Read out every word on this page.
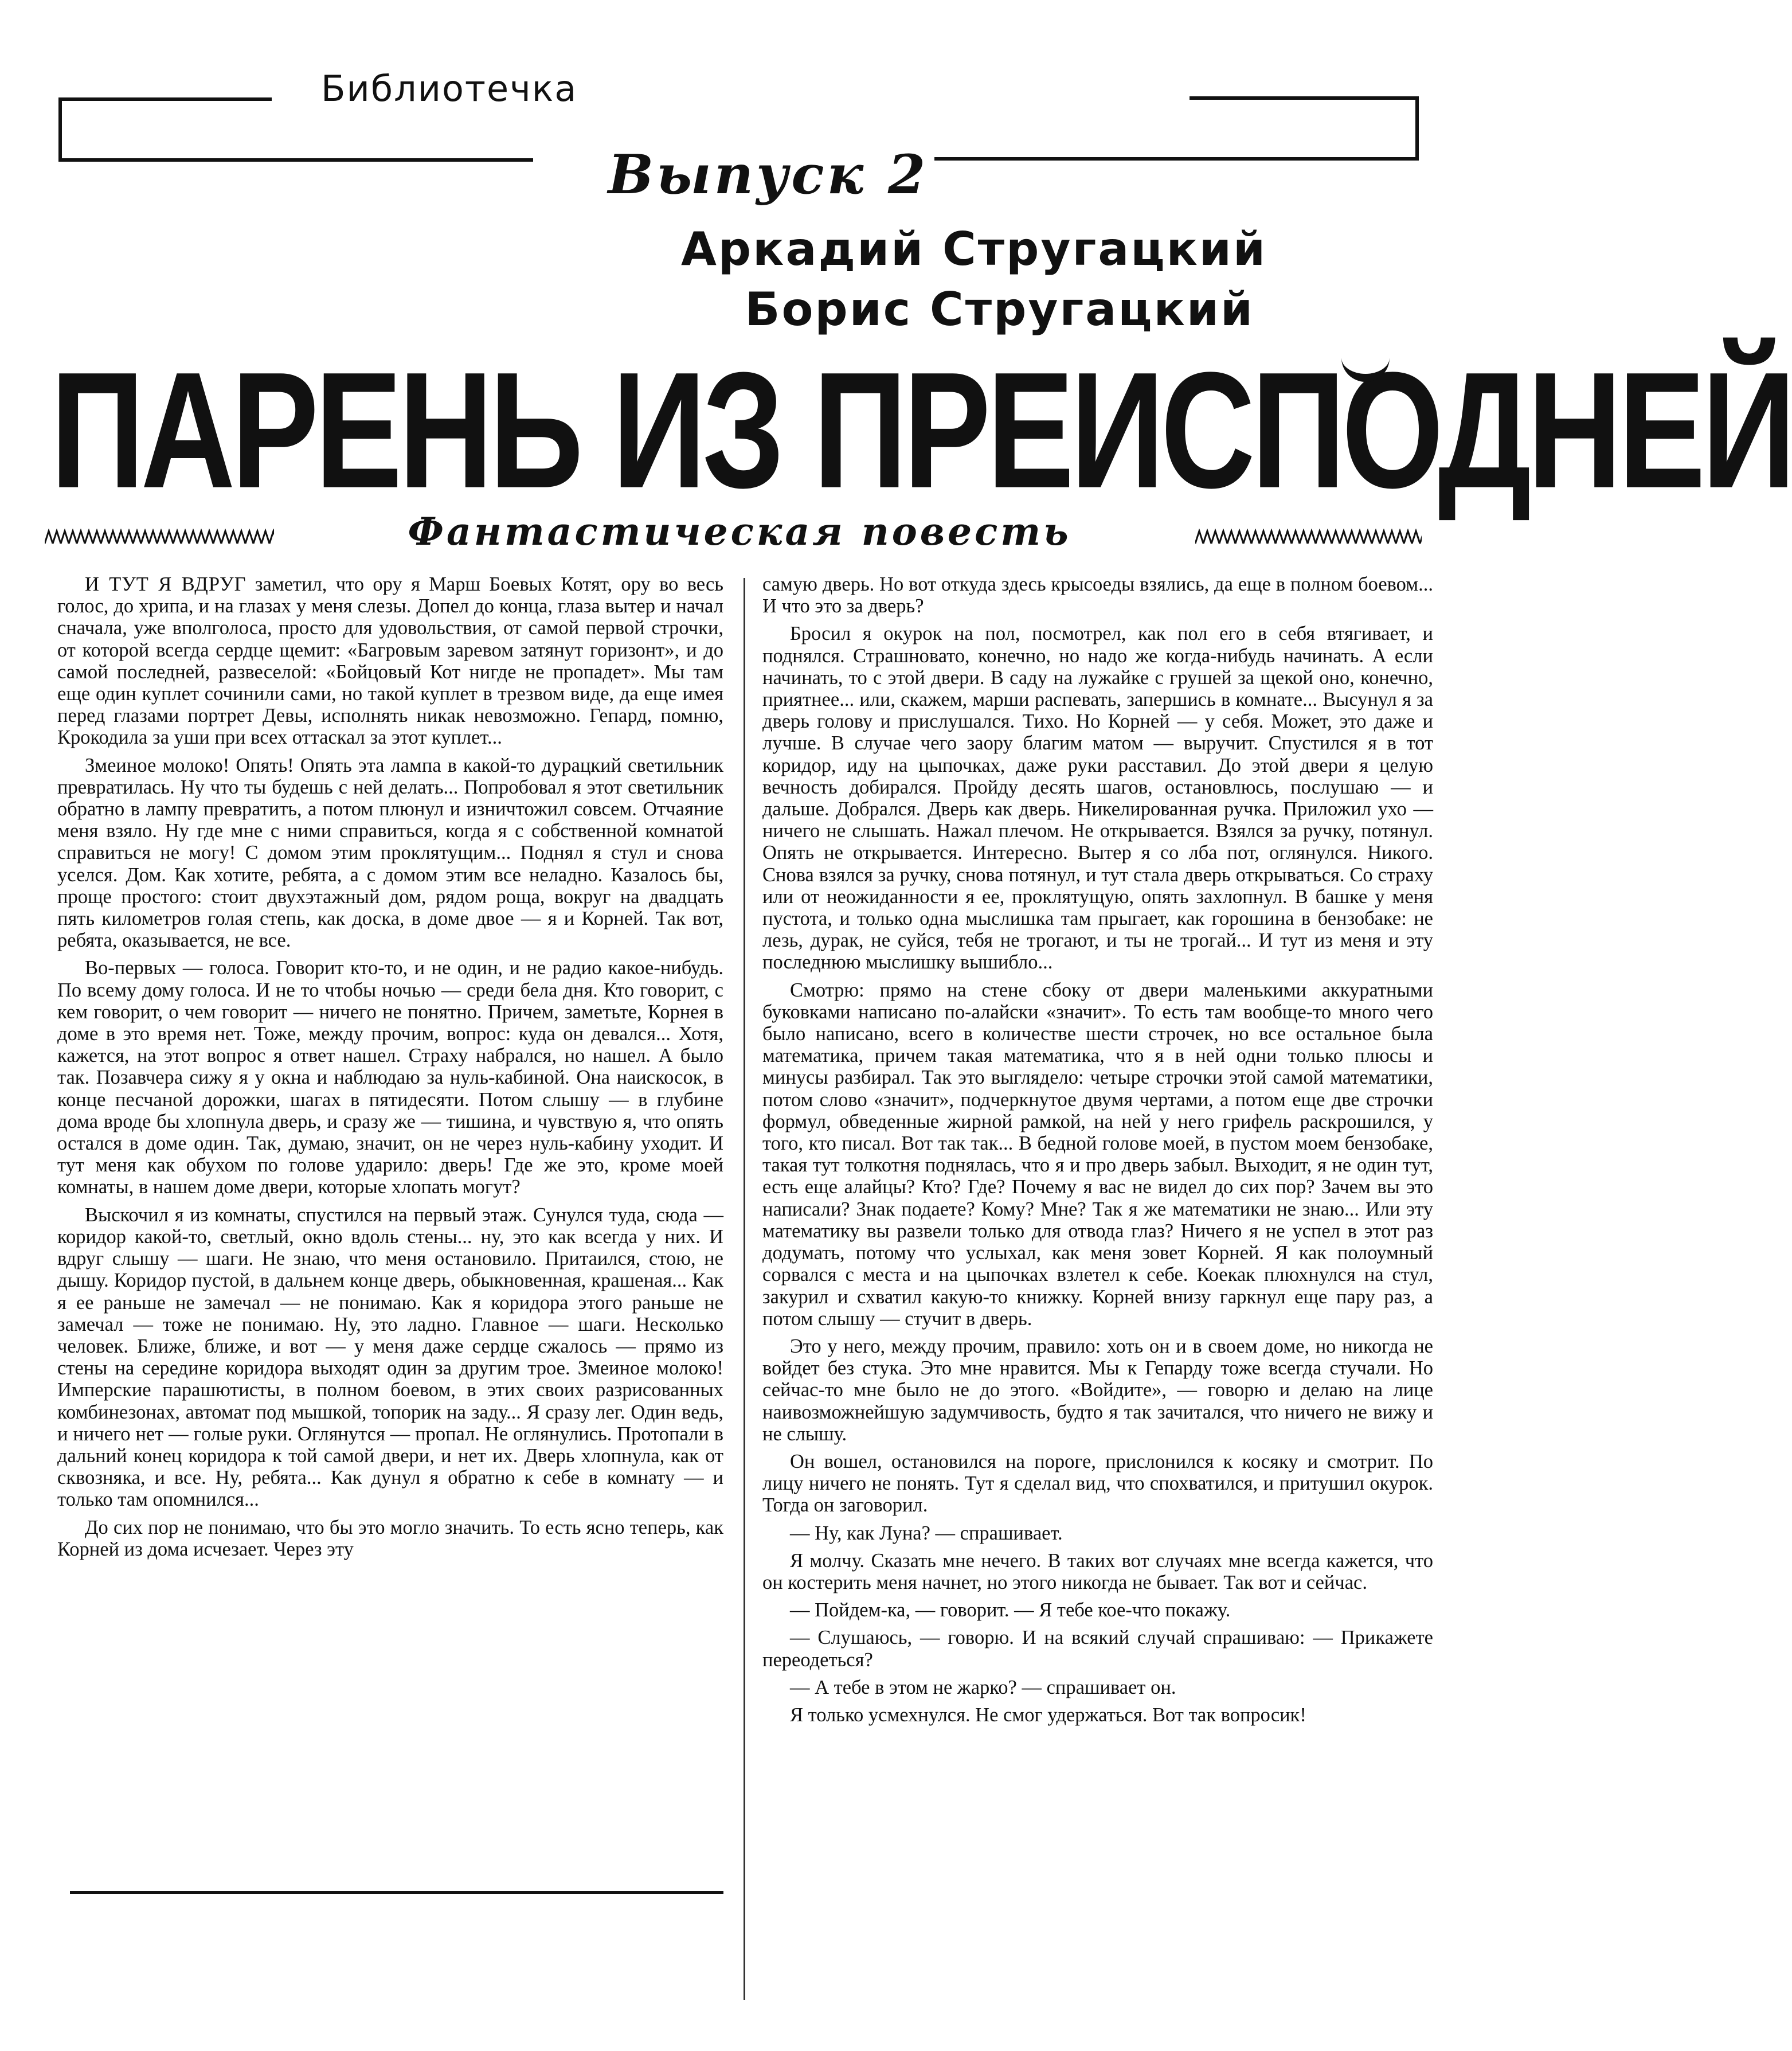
Библиотечка
Выпуск 2
Аркадий Стругацкий
Борис Стругацкий
ПАРЕНЬ ИЗ ПРЕИСПОДНЕЙ
Фантастическая повесть

И ТУТ Я ВДРУГ заметил, что ору я Марш Боевых Котят, ору во весь голос, до хрипа, и на глазах у меня слезы. Допел до конца, глаза вытер и начал сначала, уже вполголоса, просто для удовольствия, от самой первой строчки, от которой всегда сердце щемит: «Багровым заревом затянут горизонт», и до самой последней, развеселой: «Бойцовый Кот нигде не пропадет». Мы там еще один куплет сочинили сами, но такой куплет в трезвом виде, да еще имея перед глазами портрет Девы, исполнять никак невозможно. Гепард, помню, Крокодила за уши при всех оттаскал за этот куплет...

Змеиное молоко! Опять! Опять эта лампа в какой-то дурацкий светильник превратилась. Ну что ты будешь с ней делать... Попробовал я этот светильник обратно в лампу превратить, а потом плюнул и изничтожил совсем. Отчаяние меня взяло. Ну где мне с ними справиться, когда я с собственной комнатой справиться не могу! С домом этим проклятущим... Поднял я стул и снова уселся. Дом. Как хотите, ребята, а с домом этим все неладно. Казалось бы, проще простого: стоит двухэтажный дом, рядом роща, вокруг на двадцать пять километров голая степь, как доска, в доме двое — я и Корней. Так вот, ребята, оказывается, не все.

Во-первых — голоса. Говорит кто-то, и не один, и не радио какое-нибудь. По всему дому голоса. И не то чтобы ночью — среди бела дня. Кто говорит, с кем говорит, о чем говорит — ничего не понятно. Причем, заметьте, Корнея в доме в это время нет. Тоже, между прочим, вопрос: куда он девался... Хотя, кажется, на этот вопрос я ответ нашел. Страху набрался, но нашел. А было так. Позавчера сижу я у окна и наблюдаю за нуль-кабиной. Она наискосок, в конце песчаной дорожки, шагах в пятидесяти. Потом слышу — в глубине дома вроде бы хлопнула дверь, и сразу же — тишина, и чувствую я, что опять остался в доме один. Так, думаю, значит, он не через нуль-кабину уходит. И тут меня как обухом по голове ударило: дверь! Где же это, кроме моей комнаты, в нашем доме двери, которые хлопать могут?

Выскочил я из комнаты, спустился на первый этаж. Сунулся туда, сюда — коридор какой-то, светлый, окно вдоль стены... ну, это как всегда у них. И вдруг слышу — шаги. Не знаю, что меня остановило. Притаился, стою, не дышу. Коридор пустой, в дальнем конце дверь, обыкновенная, крашеная... Как я ее раньше не замечал — не понимаю. Как я коридора этого раньше не замечал — тоже не понимаю. Ну, это ладно. Главное — шаги. Несколько человек. Ближе, ближе, и вот — у меня даже сердце сжалось — прямо из стены на середине коридора выходят один за другим трое. Змеиное молоко! Имперские парашютисты, в полном боевом, в этих своих разрисованных комбинезонах, автомат под мышкой, топорик на заду... Я сразу лег. Один ведь, и ничего нет — голые руки. Оглянутся — пропал. Не оглянулись. Протопали в дальний конец коридора к той самой двери, и нет их. Дверь хлопнула, как от сквозняка, и все. Ну, ребята... Как дунул я обратно к себе в комнату — и только там опомнился...

До сих пор не понимаю, что бы это могло значить. То есть ясно теперь, как Корней из дома исчезает. Через эту

самую дверь. Но вот откуда здесь крысоеды взялись, да еще в полном боевом... И что это за дверь?

Бросил я окурок на пол, посмотрел, как пол его в себя втягивает, и поднялся. Страшновато, конечно, но надо же когда-нибудь начинать. А если начинать, то с этой двери. В саду на лужайке с грушей за щекой оно, конечно, приятнее... или, скажем, марши распевать, запершись в комнате... Высунул я за дверь голову и прислушался. Тихо. Но Корней — у себя. Может, это даже и лучше. В случае чего заору благим матом — выручит. Спустился я в тот коридор, иду на цыпочках, даже руки расставил. До этой двери я целую вечность добирался. Пройду десять шагов, остановлюсь, послушаю — и дальше. Добрался. Дверь как дверь. Никелированная ручка. Приложил ухо — ничего не слышать. Нажал плечом. Не открывается. Взялся за ручку, потянул. Опять не открывается. Интересно. Вытер я со лба пот, оглянулся. Никого. Снова взялся за ручку, снова потянул, и тут стала дверь открываться. Со страху или от неожиданности я ее, проклятущую, опять захлопнул. В башке у меня пустота, и только одна мыслишка там прыгает, как горошина в бензобаке: не лезь, дурак, не суйся, тебя не трогают, и ты не трогай... И тут из меня и эту последнюю мыслишку вышибло...

Смотрю: прямо на стене сбоку от двери маленькими аккуратными буковками написано по-алайски «значит». То есть там вообще-то много чего было написано, всего в количестве шести строчек, но все остальное была математика, причем такая математика, что я в ней одни только плюсы и минусы разбирал. Так это выглядело: четыре строчки этой самой математики, потом слово «значит», подчеркнутое двумя чертами, а потом еще две строчки формул, обведенные жирной рамкой, на ней у него грифель раскрошился, у того, кто писал. Вот так так... В бедной голове моей, в пустом моем бензобаке, такая тут толкотня поднялась, что я и про дверь забыл. Выходит, я не один тут, есть еще алайцы? Кто? Где? Почему я вас не видел до сих пор? Зачем вы это написали? Знак подаете? Кому? Мне? Так я же математики не знаю... Или эту математику вы развели только для отвода глаз? Ничего я не успел в этот раз додумать, потому что услыхал, как меня зовет Корней. Я как полоумный сорвался с места и на цыпочках взлетел к себе. Коекак плюхнулся на стул, закурил и схватил какую-то книжку. Корней внизу гаркнул еще пару раз, а потом слышу — стучит в дверь.

Это у него, между прочим, правило: хоть он и в своем доме, но никогда не войдет без стука. Это мне нравится. Мы к Гепарду тоже всегда стучали. Но сейчас-то мне было не до этого. «Войдите», — говорю и делаю на лице наивозможнейшую задумчивость, будто я так зачитался, что ничего не вижу и не слышу.

Он вошел, остановился на пороге, прислонился к косяку и смотрит. По лицу ничего не понять. Тут я сделал вид, что спохватился, и притушил окурок. Тогда он заговорил.

— Ну, как Луна? — спрашивает.

Я молчу. Сказать мне нечего. В таких вот случаях мне всегда кажется, что он костерить меня начнет, но этого никогда не бывает. Так вот и сейчас.

— Пойдем-ка, — говорит. — Я тебе кое-что покажу.

— Слушаюсь, — говорю. И на всякий случай спрашиваю: — Прикажете переодеться?

— А тебе в этом не жарко? — спрашивает он.

Я только усмехнулся. Не смог удержаться. Вот так вопросик!
